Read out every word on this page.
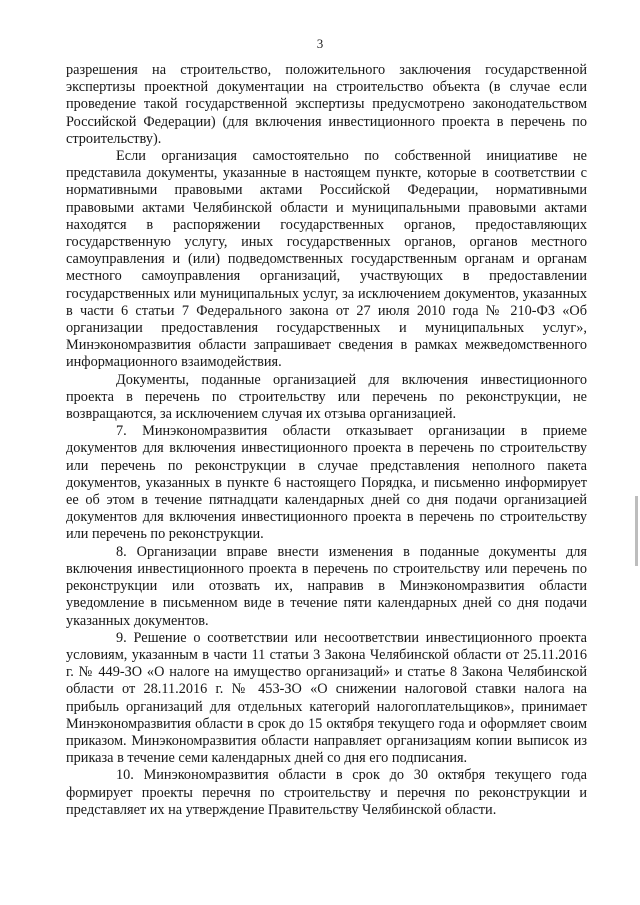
3

разрешения на строительство, положительного заключения государственной экспертизы проектной документации на строительство объекта (в случае если проведение такой государственной экспертизы предусмотрено законодательством Российской Федерации) (для включения инвестиционного проекта в перечень по строительству).

Если организация самостоятельно по собственной инициативе не представила документы, указанные в настоящем пункте, которые в соответствии с нормативными правовыми актами Российской Федерации, нормативными правовыми актами Челябинской области и муниципальными правовыми актами находятся в распоряжении государственных органов, предоставляющих государственную услугу, иных государственных органов, органов местного самоуправления и (или) подведомственных государственным органам и органам местного самоуправления организаций, участвующих в предоставлении государственных или муниципальных услуг, за исключением документов, указанных в части 6 статьи 7 Федерального закона от 27 июля 2010 года № 210-ФЗ «Об организации предоставления государственных и муниципальных услуг», Минэкономразвития области запрашивает сведения в рамках межведомственного информационного взаимодействия.

Документы, поданные организацией для включения инвестиционного проекта в перечень по строительству или перечень по реконструкции, не возвращаются, за исключением случая их отзыва организацией.

7. Минэкономразвития области отказывает организации в приеме документов для включения инвестиционного проекта в перечень по строительству или перечень по реконструкции в случае представления неполного пакета документов, указанных в пункте 6 настоящего Порядка, и письменно информирует ее об этом в течение пятнадцати календарных дней со дня подачи организацией документов для включения инвестиционного проекта в перечень по строительству или перечень по реконструкции.

8. Организации вправе внести изменения в поданные документы для включения инвестиционного проекта в перечень по строительству или перечень по реконструкции или отозвать их, направив в Минэкономразвития области уведомление в письменном виде в течение пяти календарных дней со дня подачи указанных документов.

9. Решение о соответствии или несоответствии инвестиционного проекта условиям, указанным в части 11 статьи 3 Закона Челябинской области от 25.11.2016 г. № 449-ЗО «О налоге на имущество организаций» и статье 8 Закона Челябинской области от 28.11.2016 г. № 453-ЗО «О снижении налоговой ставки налога на прибыль организаций для отдельных категорий налогоплательщиков», принимает Минэкономразвития области в срок до 15 октября текущего года и оформляет своим приказом. Минэкономразвития области направляет организациям копии выписок из приказа в течение семи календарных дней со дня его подписания.

10. Минэкономразвития области в срок до 30 октября текущего года формирует проекты перечня по строительству и перечня по реконструкции и представляет их на утверждение Правительству Челябинской области.
